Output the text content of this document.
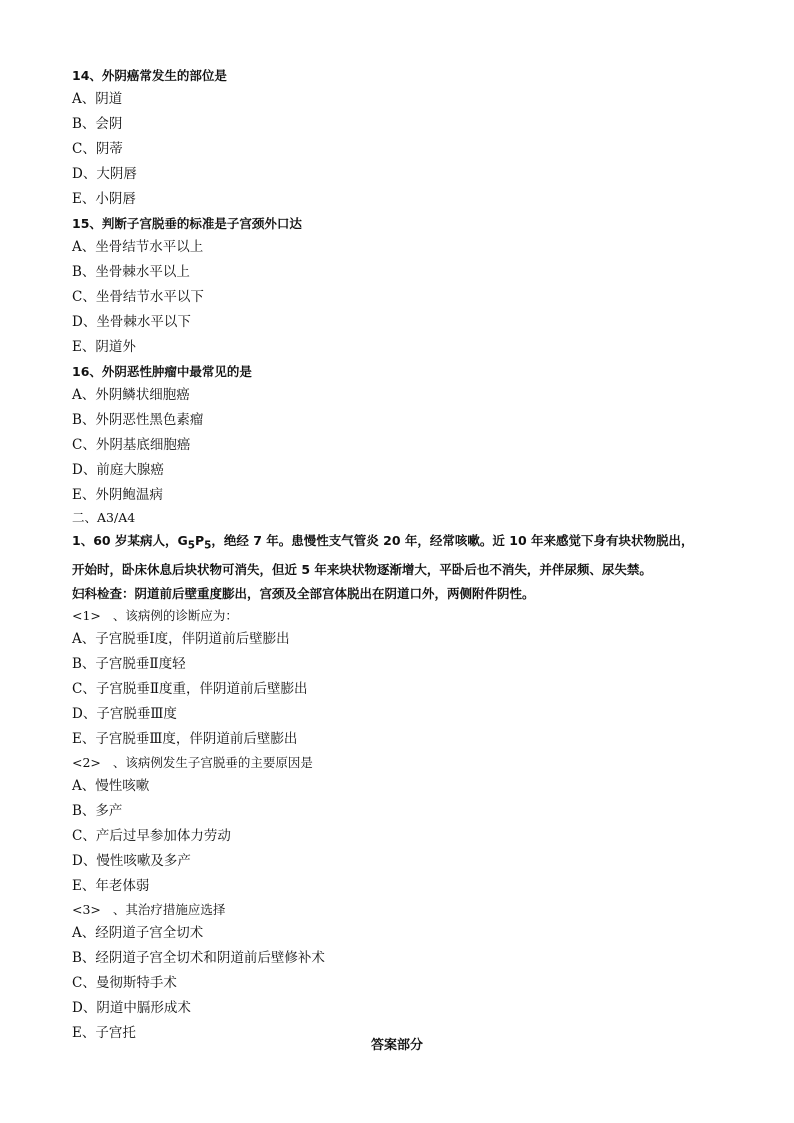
14、外阴癌常发生的部位是
A、阴道
B、会阴
C、阴蒂
D、大阴唇
E、小阴唇
15、判断子宫脱垂的标准是子宫颈外口达
A、坐骨结节水平以上
B、坐骨棘水平以上
C、坐骨结节水平以下
D、坐骨棘水平以下
E、阴道外
16、外阴恶性肿瘤中最常见的是
A、外阴鳞状细胞癌
B、外阴恶性黑色素瘤
C、外阴基底细胞癌
D、前庭大腺癌
E、外阴鲍温病
二、A3/A4
1、60 岁某病人，$G_5P_5$，绝经 7 年。患慢性支气管炎 20 年，经常咳嗽。近 10 年来感觉下身有块状物脱出，
开始时，卧床休息后块状物可消失，但近 5 年来块状物逐渐增大，平卧后也不消失，并伴尿频、尿失禁。
妇科检查：阴道前后壁重度膨出，宫颈及全部宫体脱出在阴道口外，两侧附件阴性。
<1>   、该病例的诊断应为：
A、子宫脱垂Ⅰ度，伴阴道前后壁膨出
B、子宫脱垂Ⅱ度轻
C、子宫脱垂Ⅱ度重，伴阴道前后壁膨出
D、子宫脱垂Ⅲ度
E、子宫脱垂Ⅲ度，伴阴道前后壁膨出
<2>   、该病例发生子宫脱垂的主要原因是
A、慢性咳嗽
B、多产
C、产后过早参加体力劳动
D、慢性咳嗽及多产
E、年老体弱
<3>   、其治疗措施应选择
A、经阴道子宫全切术
B、经阴道子宫全切术和阴道前后壁修补术
C、曼彻斯特手术
D、阴道中膈形成术
E、子宫托
答案部分
